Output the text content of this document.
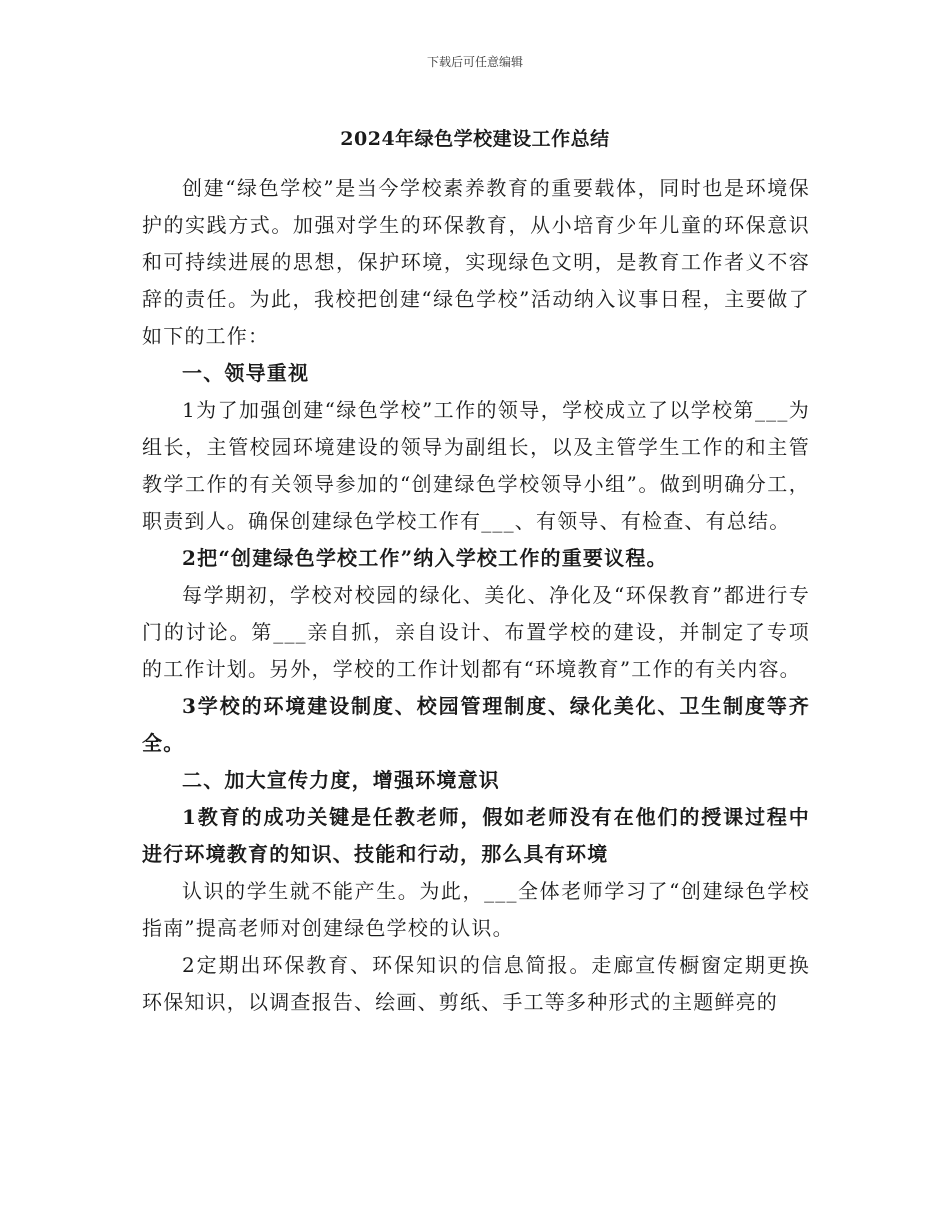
下载后可任意编辑
2024年绿色学校建设工作总结

创建“绿色学校”是当今学校素养教育的重要载体，同时也是环境保护的实践方式。加强对学生的环保教育，从小培育少年儿童的环保意识和可持续进展的思想，保护环境，实现绿色文明，是教育工作者义不容辞的责任。为此，我校把创建“绿色学校”活动纳入议事日程，主要做了如下的工作：

一、领导重视

1为了加强创建“绿色学校”工作的领导，学校成立了以学校第___为组长，主管校园环境建设的领导为副组长，以及主管学生工作的和主管教学工作的有关领导参加的“创建绿色学校领导小组”。做到明确分工，职责到人。确保创建绿色学校工作有___、有领导、有检查、有总结。

2把“创建绿色学校工作”纳入学校工作的重要议程。

每学期初，学校对校园的绿化、美化、净化及“环保教育”都进行专门的讨论。第___亲自抓，亲自设计、布置学校的建设，并制定了专项的工作计划。另外，学校的工作计划都有“环境教育”工作的有关内容。

3学校的环境建设制度、校园管理制度、绿化美化、卫生制度等齐全。

二、加大宣传力度，增强环境意识

1教育的成功关键是任教老师，假如老师没有在他们的授课过程中进行环境教育的知识、技能和行动，那么具有环境

认识的学生就不能产生。为此，___全体老师学习了“创建绿色学校指南”提高老师对创建绿色学校的认识。

2定期出环保教育、环保知识的信息简报。走廊宣传橱窗定期更换环保知识，以调查报告、绘画、剪纸、手工等多种形式的主题鲜亮的
